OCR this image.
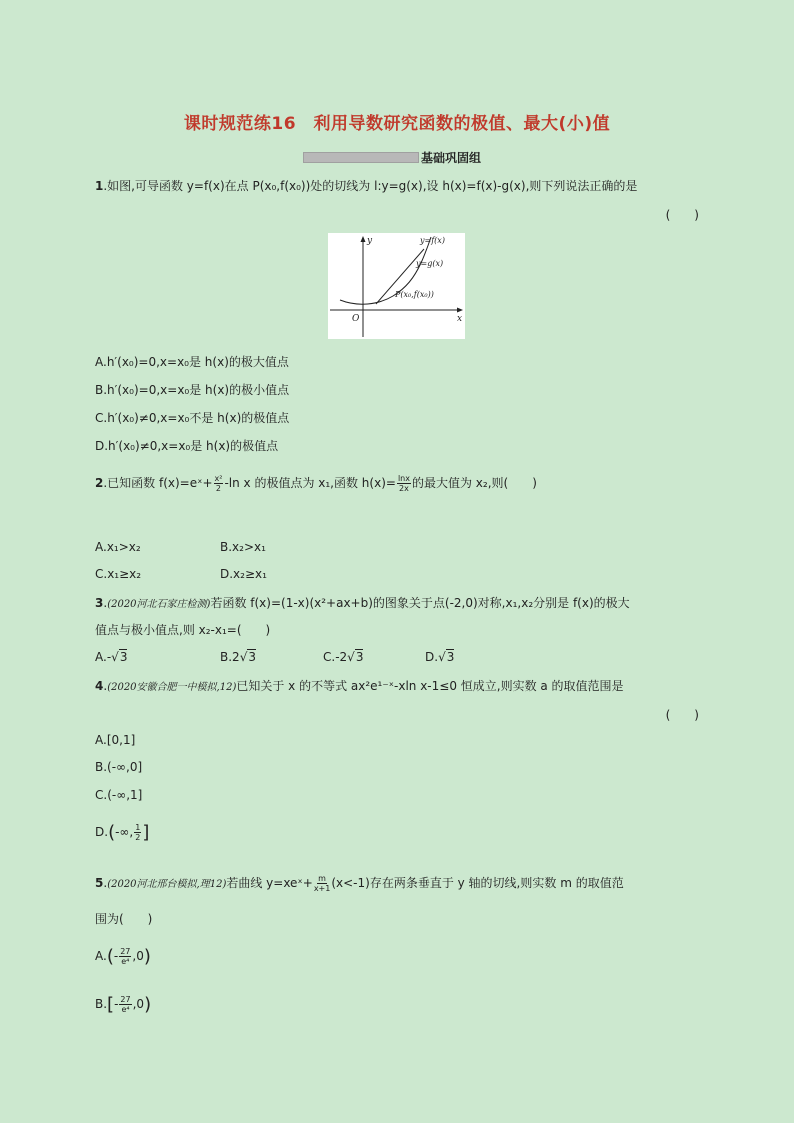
课时规范练16　利用导数研究函数的极值、最大(小)值
基础巩固组
1.如图,可导函数 y=f(x)在点 P(x₀,f(x₀))处的切线为 l:y=g(x),设 h(x)=f(x)-g(x),则下列说法正确的是
(　　)
y
x
O
y=f(x)
y=g(x)
P(x₀,f(x₀))
A.h′(x₀)=0,x=x₀是 h(x)的极大值点
B.h′(x₀)=0,x=x₀是 h(x)的极小值点
C.h′(x₀)≠0,x=x₀不是 h(x)的极值点
D.h′(x₀)≠0,x=x₀是 h(x)的极值点
2.已知函数 f(x)=eˣ+ $\frac{\text{x²}}{2} -\ln$ x 的极值点为 x₁,函数 $h(x)= \frac{\ln x}{2x}$ 的最大值为 x₂,则(　　)
A.x₁>x₂	B.x₂>x₁
C.x₁≥x₂	D.x₂≥x₁
3.(2020河北石家庄检测)若函数 f(x)=(1-x)(x²+ax+b)的图象关于点(-2,0)对称,x₁,x₂分别是 f(x)的极大
值点与极小值点,则 x₂-x₁=(　　)
A.-√3	B.2√3	C.-2√3	D.√3
4.(2020安徽合肥一中模拟,12)已知关于 x 的不等式 ax²e¹⁻ˣ-xln x-1≤0 恒成立,则实数 a 的取值范围是
(　　)
A.[0,1]
B.(-∞,0]
C.(-∞,1]
D.(-∞, $\frac{1}{2}$ ]
5.(2020河北邢台模拟,理12)若曲线 y=xeˣ+ $\frac{m}{x+1} (x<-1)$存在两条垂直于 y 轴的切线,则实数 m 的取值范
围为(　　)
$A.(- \frac{27}{\text{e⁴}} ,0)$
$B.[- \frac{27}{\text{e⁴}} ,0)$
